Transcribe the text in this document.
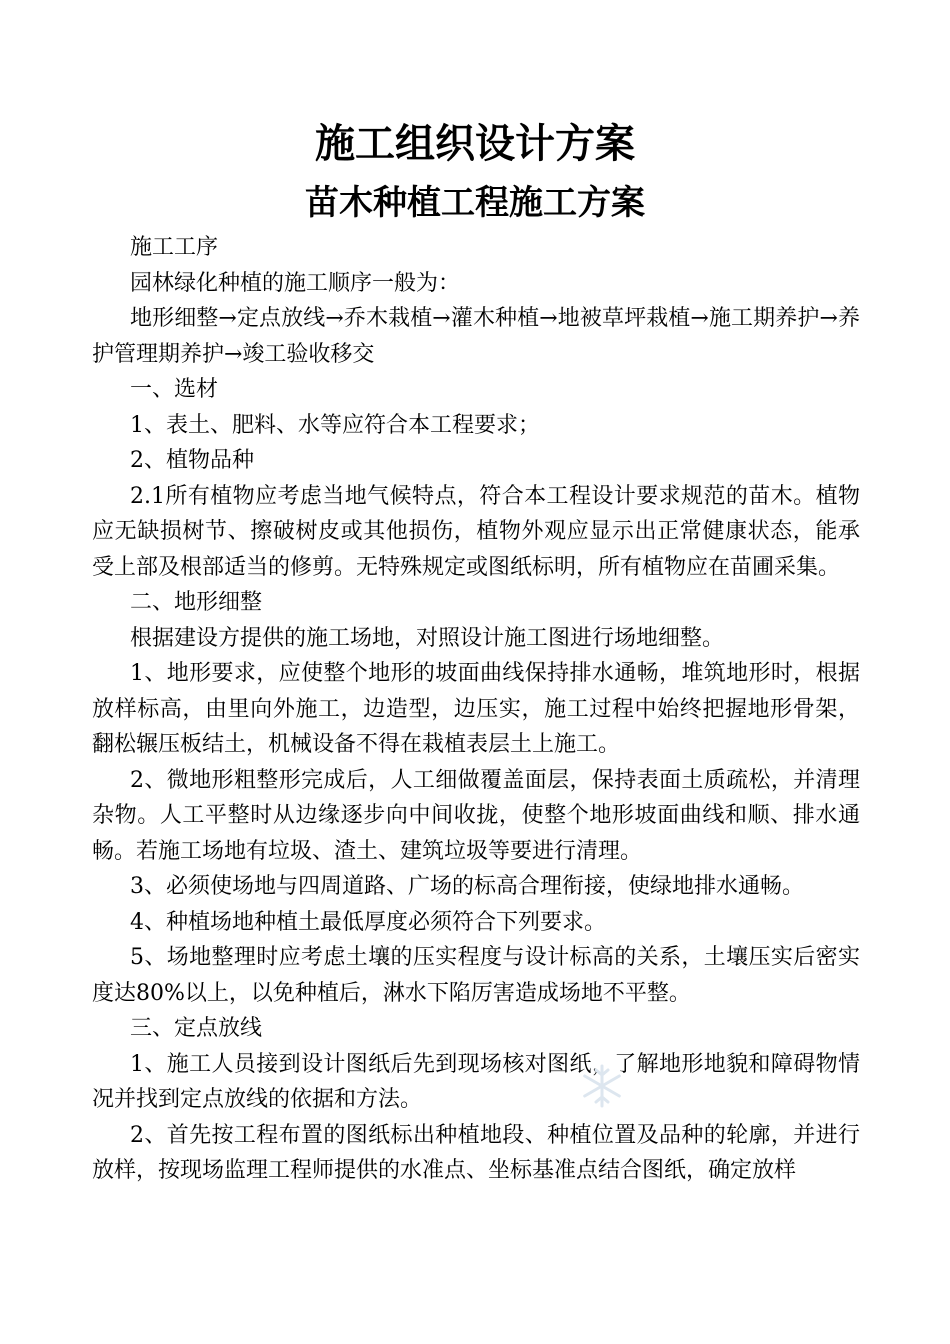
施工组织设计方案
苗木种植工程施工方案

施工工序

园林绿化种植的施工顺序一般为：

地形细整→定点放线→乔木栽植→灌木种植→地被草坪栽植→施工期养护→养护管理期养护→竣工验收移交

一、选材

1、表土、肥料、水等应符合本工程要求；

2、植物品种

2.1所有植物应考虑当地气候特点，符合本工程设计要求规范的苗木。植物应无缺损树节、擦破树皮或其他损伤，植物外观应显示出正常健康状态，能承受上部及根部适当的修剪。无特殊规定或图纸标明，所有植物应在苗圃采集。

二、地形细整

根据建设方提供的施工场地，对照设计施工图进行场地细整。

1、地形要求，应使整个地形的坡面曲线保持排水通畅，堆筑地形时，根据放样标高，由里向外施工，边造型，边压实，施工过程中始终把握地形骨架，翻松辗压板结土，机械设备不得在栽植表层土上施工。

2、微地形粗整形完成后，人工细做覆盖面层，保持表面土质疏松，并清理杂物。人工平整时从边缘逐步向中间收拢，使整个地形坡面曲线和顺、排水通畅。若施工场地有垃圾、渣土、建筑垃圾等要进行清理。

3、必须使场地与四周道路、广场的标高合理衔接，使绿地排水通畅。

4、种植场地种植土最低厚度必须符合下列要求。

5、场地整理时应考虑土壤的压实程度与设计标高的关系，土壤压实后密实度达80%以上，以免种植后，淋水下陷厉害造成场地不平整。

三、定点放线

1、施工人员接到设计图纸后先到现场核对图纸，了解地形地貌和障碍物情况并找到定点放线的依据和方法。

2、首先按工程布置的图纸标出种植地段、种植位置及品种的轮廓，并进行放样，按现场监理工程师提供的水准点、坐标基准点结合图纸，确定放样
